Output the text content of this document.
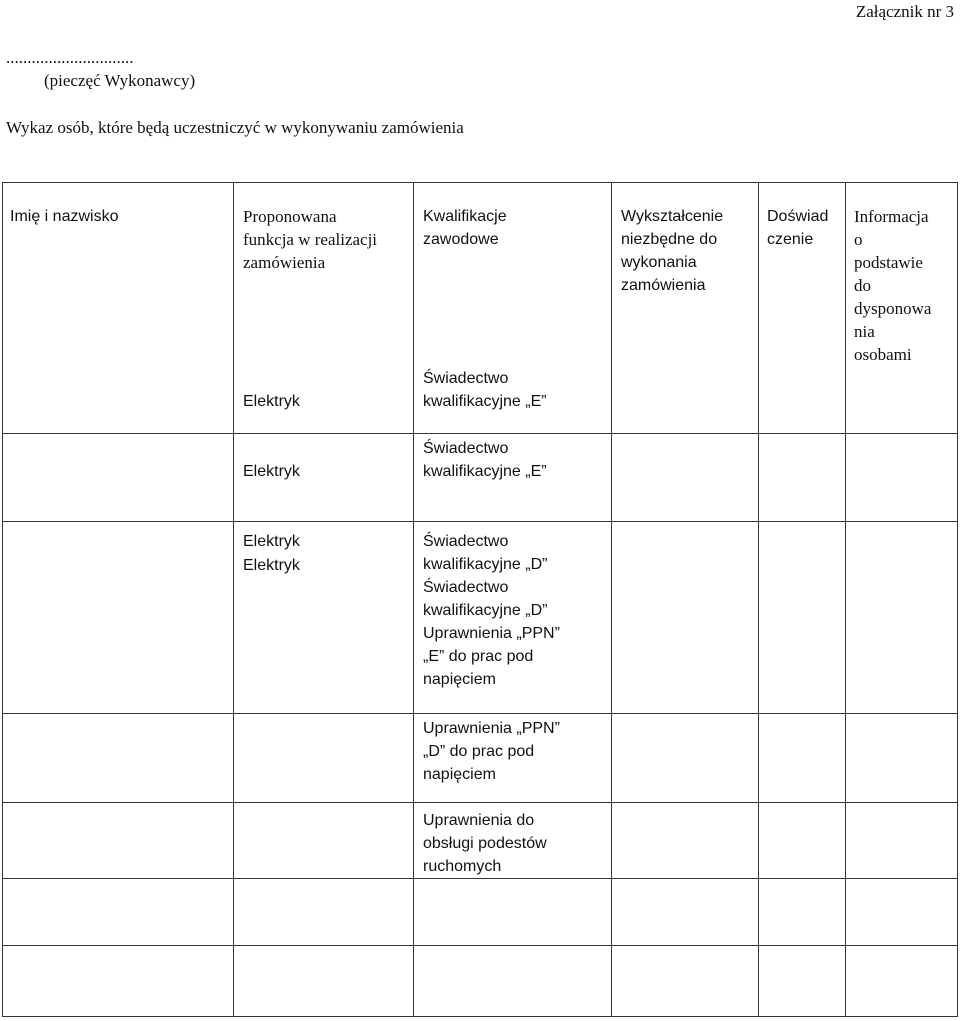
Załącznik nr 3
..............................
(pieczęć Wykonawcy)
Wykaz osób, które będą uczestniczyć w wykonywaniu zamówienia
Imię i nazwisko	Proponowana
funkcja w realizacji
zamówienia
Kwalifikacje
zawodowe
Wykształcenie
niezbędne do
wykonania
zamówienia
Doświad
czenie
Informacja
o
podstawie
do
dysponowa
nia
osobami
Elektryk
Świadectwo
kwalifikacyjne „E”
Elektryk
Świadectwo
kwalifikacyjne „E”
Elektryk
Elektryk
Świadectwo
kwalifikacyjne „D”
Świadectwo
kwalifikacyjne „D”
Uprawnienia „PPN”
„E” do prac pod
napięciem
Uprawnienia „PPN”
„D” do prac pod
napięciem
Uprawnienia do
obsługi podestów
ruchomych
